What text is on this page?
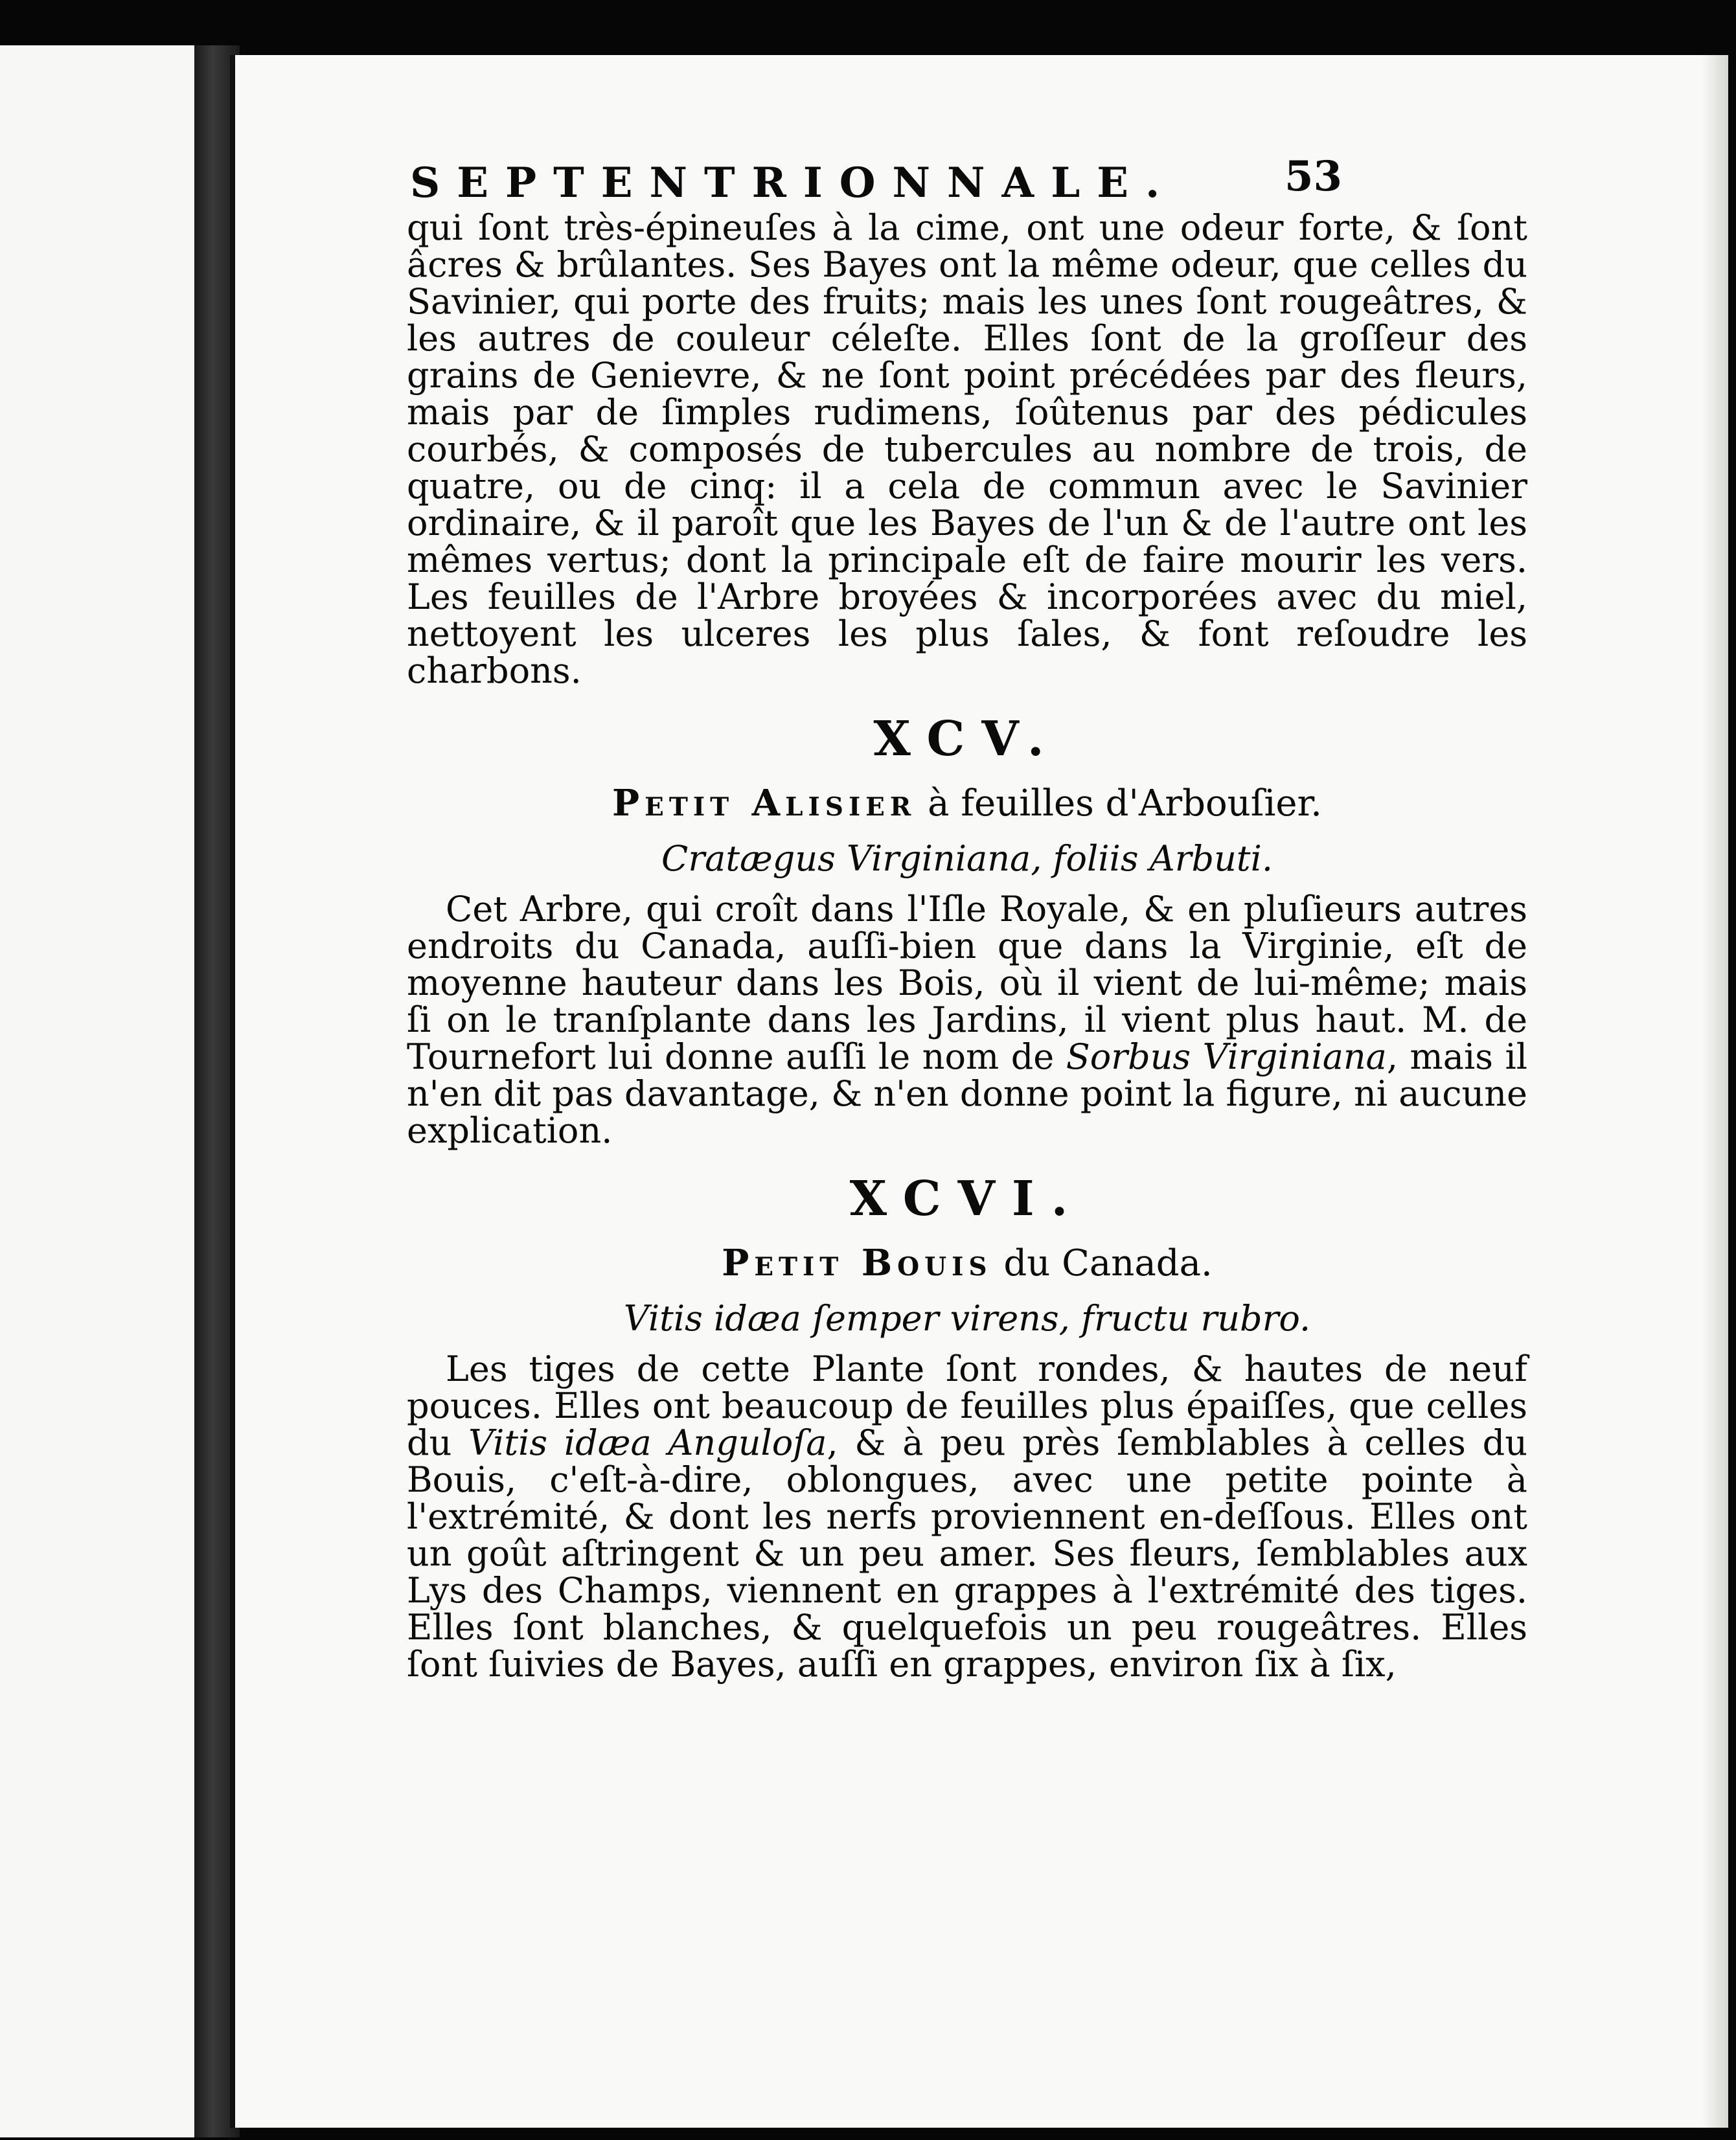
SEPTENTRIONNALE.	53

qui ſont très-épineuſes à la cime, ont une odeur forte, & ſont âcres & brûlantes. Ses Bayes ont la même odeur, que celles du Savinier, qui porte des fruits; mais les unes ſont rougeâtres, & les autres de couleur céleſte. Elles ſont de la groſſeur des grains de Genievre, & ne ſont point précédées par des fleurs, mais par de ſimples rudimens, ſoûtenus par des pédicules courbés, & composés de tubercules au nombre de trois, de quatre, ou de cinq: il a cela de commun avec le Savinier ordinaire, & il paroît que les Bayes de l'un & de l'autre ont les mêmes vertus; dont la principale eſt de faire mourir les vers. Les feuilles de l'Arbre broyées & incorporées avec du miel, nettoyent les ulceres les plus ſales, & font reſoudre les charbons.

XCV.
Petit Alisier à feuilles d'Arbouſier.
Cratægus Virginiana, foliis Arbuti.

Cet Arbre, qui croît dans l'Iſle Royale, & en pluſieurs autres endroits du Canada, auſſi-bien que dans la Virginie, eſt de moyenne hauteur dans les Bois, où il vient de lui-même; mais ſi on le tranſplante dans les Jardins, il vient plus haut. M. de Tournefort lui donne auſſi le nom de Sorbus Virginiana, mais il n'en dit pas davantage, & n'en donne point la figure, ni aucune explication.

XCVI.
Petit Bouis du Canada.
Vitis idæa ſemper virens, fructu rubro.

Les tiges de cette Plante ſont rondes, & hautes de neuf pouces. Elles ont beaucoup de feuilles plus épaiſſes, que celles du Vitis idæa Anguloſa, & à peu près ſemblables à celles du Bouis, c'eſt-à-dire, oblongues, avec une petite pointe à l'extrémité, & dont les nerfs proviennent en-deſſous. Elles ont un goût aſtringent & un peu amer. Ses fleurs, ſemblables aux Lys des Champs, viennent en grappes à l'extrémité des tiges. Elles ſont blanches, & quelquefois un peu rougeâtres. Elles ſont ſuivies de Bayes, auſſi en grappes, environ ſix à ſix,
